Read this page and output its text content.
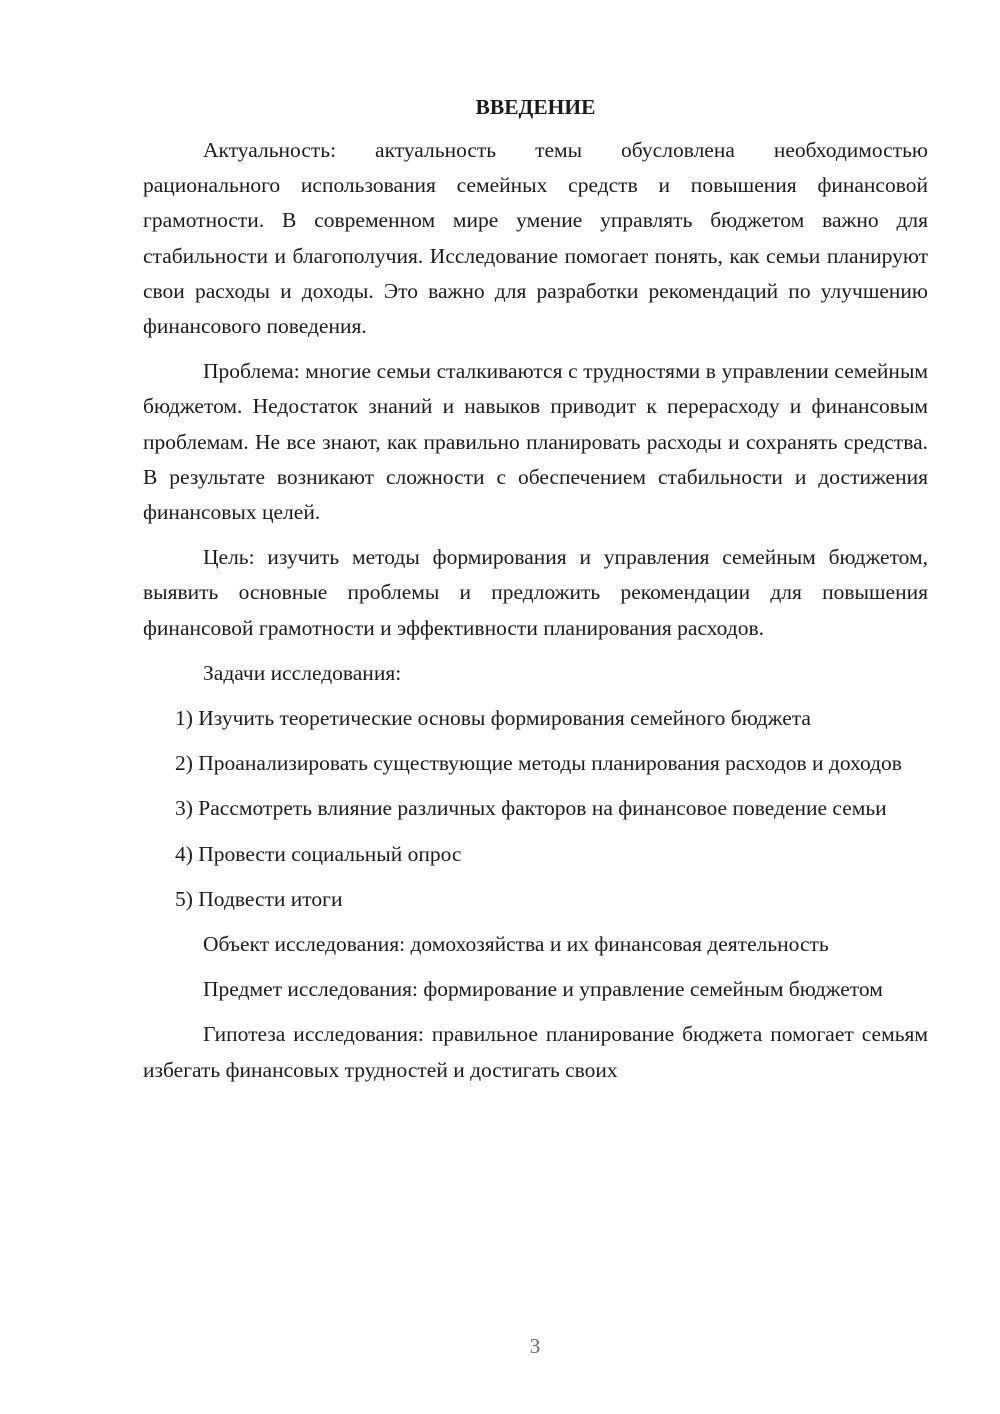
ВВЕДЕНИЕ

Актуальность: актуальность темы обусловлена необходимостью рационального использования семейных средств и повышения финансовой грамотности. В современном мире умение управлять бюджетом важно для стабильности и благополучия. Исследование помогает понять, как семьи планируют свои расходы и доходы. Это важно для разработки рекомендаций по улучшению финансового поведения.

Проблема: многие семьи сталкиваются с трудностями в управлении семейным бюджетом. Недостаток знаний и навыков приводит к перерасходу и финансовым проблемам. Не все знают, как правильно планировать расходы и сохранять средства. В результате возникают сложности с обеспечением стабильности и достижения финансовых целей.

Цель: изучить методы формирования и управления семейным бюджетом, выявить основные проблемы и предложить рекомендации для повышения финансовой грамотности и эффективности планирования расходов.

Задачи исследования:

1) Изучить теоретические основы формирования семейного бюджета

2) Проанализировать существующие методы планирования расходов и доходов

3) Рассмотреть влияние различных факторов на финансовое поведение семьи

4) Провести социальный опрос

5) Подвести итоги

Объект исследования: домохозяйства и их финансовая деятельность

Предмет исследования: формирование и управление семейным бюджетом

Гипотеза исследования: правильное планирование бюджета помогает семьям избегать финансовых трудностей и достигать своих

3
